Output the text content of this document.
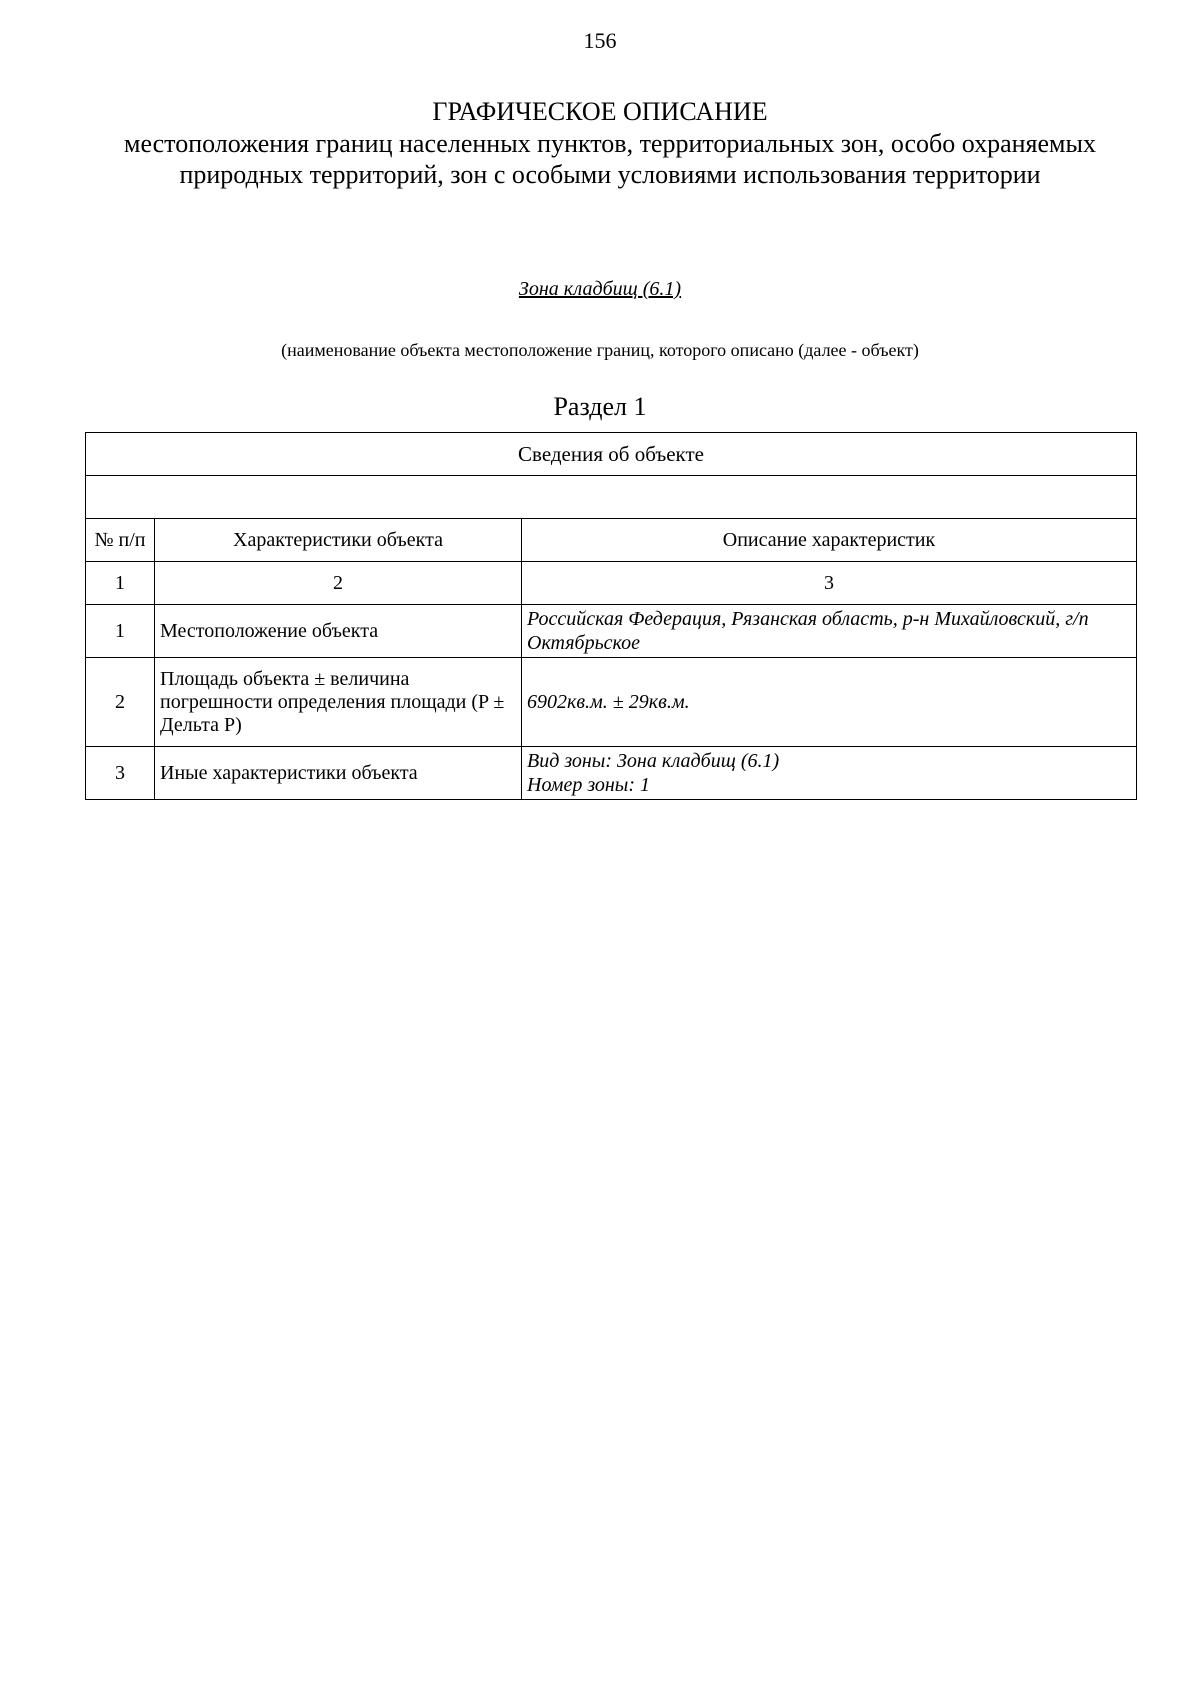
156
ГРАФИЧЕСКОЕ ОПИСАНИЕ
местоположения границ населенных пунктов, территориальных зон, особо охраняемых природных территорий, зон с особыми условиями использования территории
Зона кладбищ (6.1)
(наименование объекта местоположение границ, которого описано (далее - объект)
Раздел 1
Сведения об объекте		

№ п/п	Характеристики объекта	Описание характеристик
1	2	3
1	Местоположение объекта	Российская Федерация, Рязанская область, р-н Михайловский, г/п Октябрьское

2	Площадь объекта ± величина погрешности определения площади (P ± Дельта P)	6902кв.м. ± 29кв.м.

3	Иные характеристики объекта	Вид зоны: Зона кладбищ (6.1)
Номер зоны: 1
